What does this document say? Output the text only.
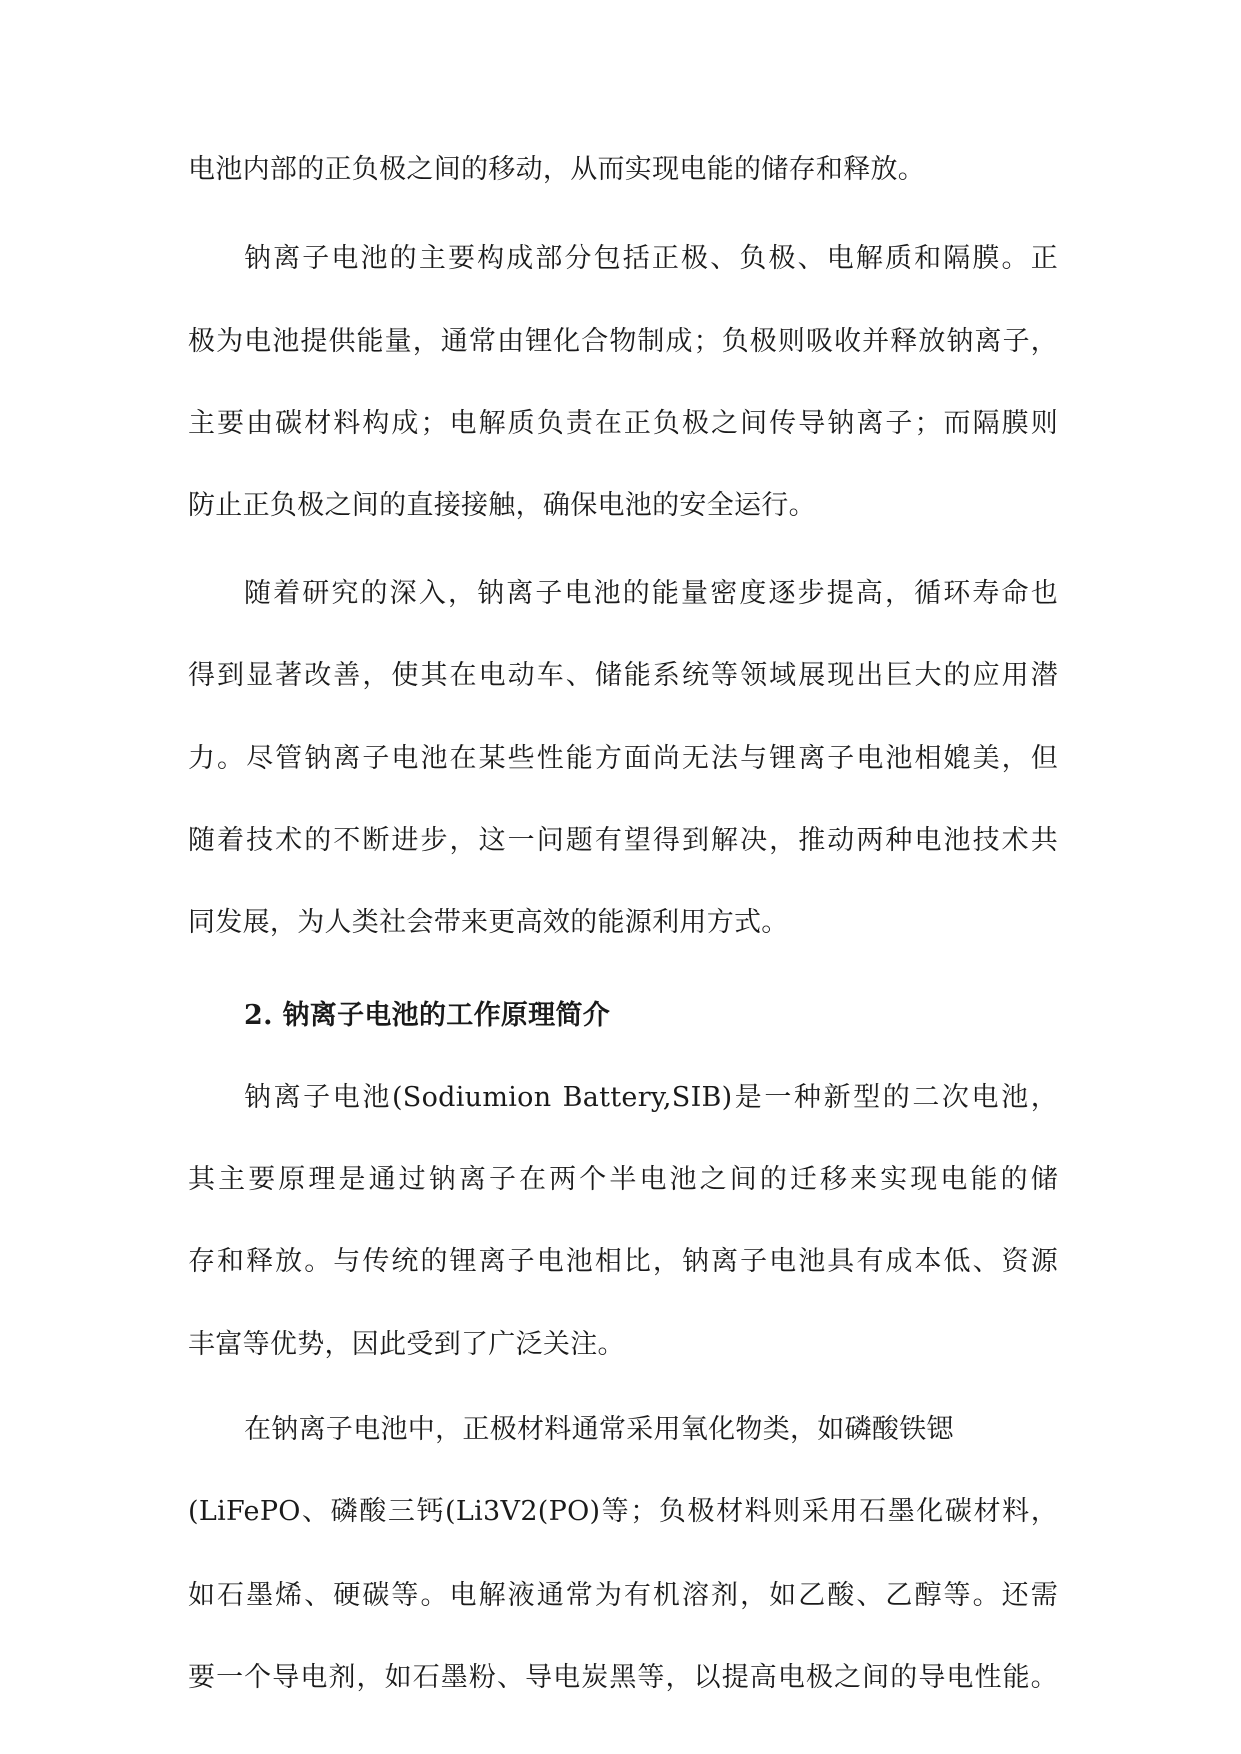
电池内部的正负极之间的移动，从而实现电能的储存和释放。
钠离子电池的主要构成部分包括正极、负极、电解质和隔膜。正
极为电池提供能量，通常由锂化合物制成；负极则吸收并释放钠离子，
主要由碳材料构成；电解质负责在正负极之间传导钠离子；而隔膜则
防止正负极之间的直接接触，确保电池的安全运行。
随着研究的深入，钠离子电池的能量密度逐步提高，循环寿命也
得到显著改善，使其在电动车、储能系统等领域展现出巨大的应用潜
力。尽管钠离子电池在某些性能方面尚无法与锂离子电池相媲美，但
随着技术的不断进步，这一问题有望得到解决，推动两种电池技术共
同发展，为人类社会带来更高效的能源利用方式。
2. 钠离子电池的工作原理简介
钠离子电池(Sodiumion Battery,SIB)是一种新型的二次电池，
其主要原理是通过钠离子在两个半电池之间的迁移来实现电能的储
存和释放。与传统的锂离子电池相比，钠离子电池具有成本低、资源
丰富等优势，因此受到了广泛关注。
在钠离子电池中，正极材料通常采用氧化物类，如磷酸铁锶
(LiFePO、磷酸三钙(Li3V2(PO)等；负极材料则采用石墨化碳材料，
如石墨烯、硬碳等。电解液通常为有机溶剂，如乙酸、乙醇等。还需
要一个导电剂，如石墨粉、导电炭黑等，以提高电极之间的导电性能。
